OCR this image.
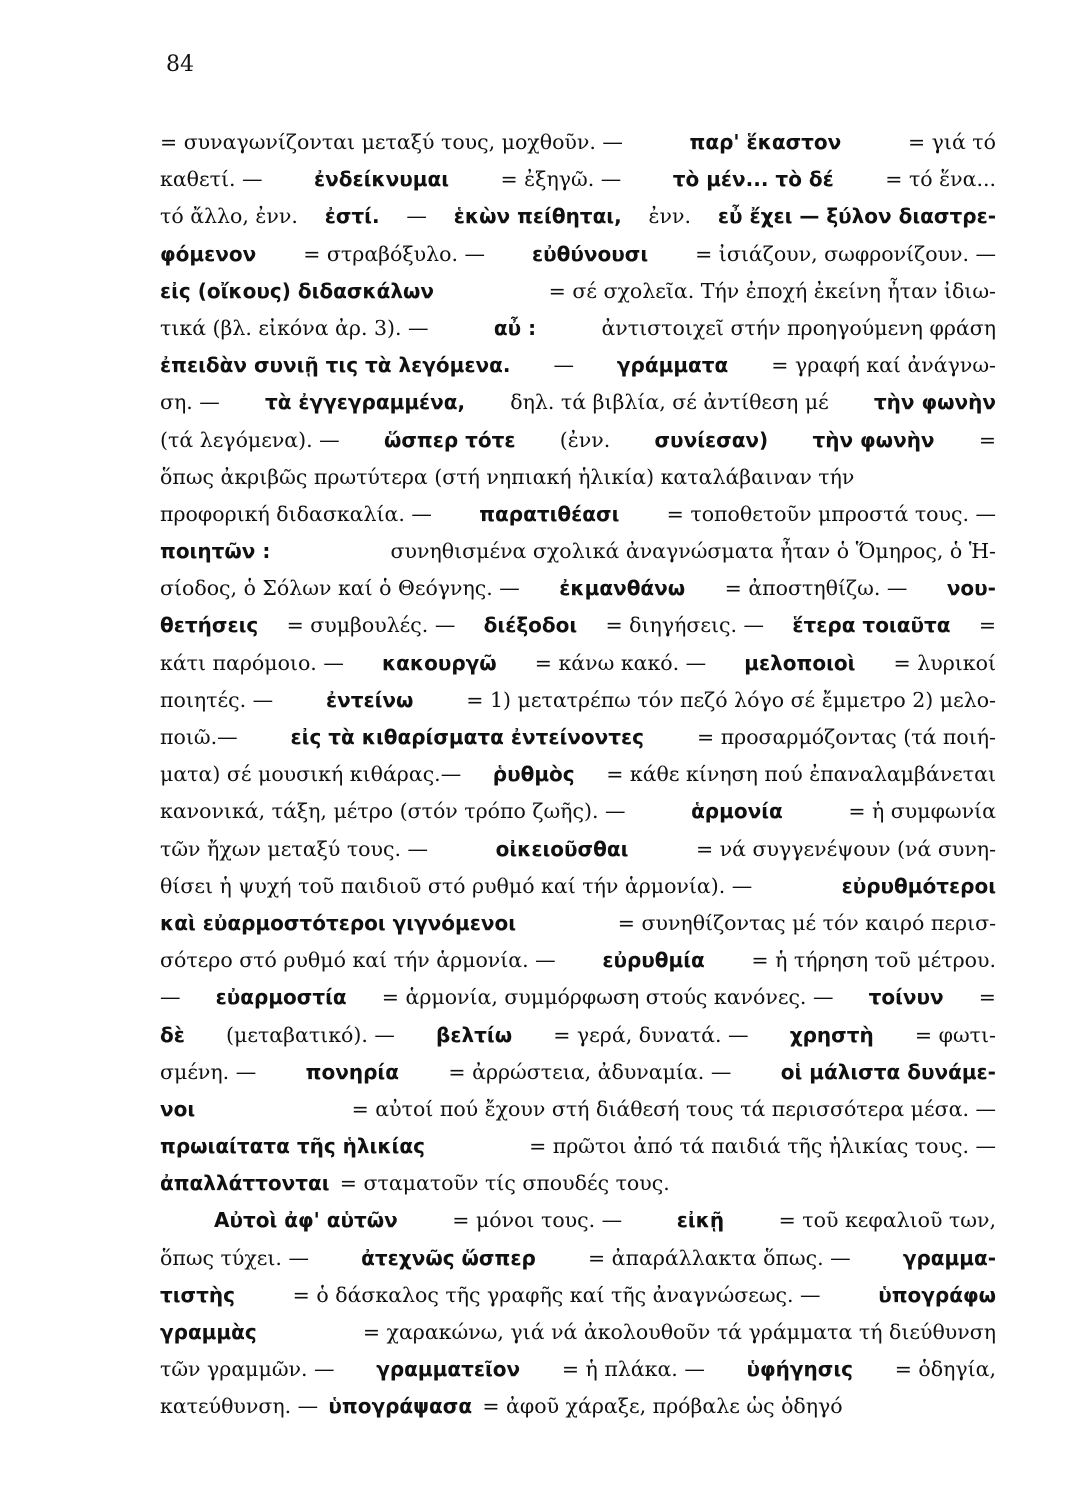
84
= συναγωνίζονται μεταξύ τους, μοχθοῦν. —	παρ' ἕκαστον	= γιά τό
καθετί. —	ἐνδείκνυμαι	= ἐξηγῶ. —	τὸ μέν... τὸ δέ	= τό ἕνα...
τό ἄλλο, ἐνν. ἐστί. — ἑκὼν πείθηται, ἐνν. εὖ ἔχει — ξύλον διαστρε-
φόμενον = στραβόξυλο. — εὐθύνουσι = ἰσιάζουν, σωφρονίζουν. —
εἰς (οἴκους) διδασκάλων	= σέ σχολεῖα. Τήν ἐποχή ἐκείνη ἦταν ἰδιω-
τικά (βλ. εἰκόνα ἀρ. 3). —	αὖ :	ἀντιστοιχεῖ στήν προηγούμενη φράση
ἐπειδὰν συνιῇ τις τὰ λεγόμενα. — γράμματα = γραφή καί ἀνάγνω-
ση. — τὰ ἐγγεγραμμένα, δηλ. τά βιβλία, σέ ἀντίθεση μέ τὴν φωνὴν
(τά λεγόμενα). — ὥσπερ τότε (ἐνν. συνίεσαν) τὴν φωνὴν =
ὅπως ἀκριβῶς πρωτύτερα (στή νηπιακή ἡλικία) καταλάβαιναν τήν
προφορική διδασκαλία. — παρατιθέασι = τοποθετοῦν μπροστά τους. —
ποιητῶν :	συνηθισμένα σχολικά ἀναγνώσματα ἦταν ὁ Ὅμηρος, ὁ Ἡ-
σίοδος, ὁ Σόλων καί ὁ Θεόγνης. — ἐκμανθάνω = ἀποστηθίζω. — νου-
θετήσεις = συμβουλές. — διέξοδοι = διηγήσεις. — ἕτερα τοιαῦτα =
κάτι παρόμοιο. — κακουργῶ = κάνω κακό. — μελοποιοὶ = λυρικοί
ποιητές. —	ἐντείνω	= 1) μετατρέπω τόν πεζό λόγο σέ ἔμμετρο 2) μελο-
ποιῶ.—	εἰς τὰ κιθαρίσματα ἐντείνοντες	= προσαρμόζοντας (τά ποιή-
ματα) σέ μουσική κιθάρας.— ῥυθμὸς = κάθε κίνηση πού ἐπαναλαμβάνεται
κανονικά, τάξη, μέτρο (στόν τρόπο ζωῆς). —	ἁρμονία	= ἡ συμφωνία
τῶν ἤχων μεταξύ τους. —	οἰκειοῦσθαι	= νά συγγενέψουν (νά συνη-
θίσει ἡ ψυχή τοῦ παιδιοῦ στό ρυθμό καί τήν ἁρμονία). —	εὐρυθμότεροι
καὶ εὐαρμοστότεροι γιγνόμενοι	= συνηθίζοντας μέ τόν καιρό περισ-
σότερο στό ρυθμό καί τήν ἁρμονία. — εὐρυθμία = ἡ τήρηση τοῦ μέτρου.
— εὐαρμοστία = ἁρμονία, συμμόρφωση στούς κανόνες. — τοίνυν =
δὲ (μεταβατικό). — βελτίω = γερά, δυνατά. — χρηστὴ = φωτι-
σμένη. — πονηρία = ἀρρώστεια, ἀδυναμία. — οἱ μάλιστα δυνάμε-
νοι	= αὐτοί πού ἔχουν στή διάθεσή τους τά περισσότερα μέσα. —
πρωιαίτατα τῆς ἡλικίας	= πρῶτοι ἀπό τά παιδιά τῆς ἡλικίας τους. —
ἀπαλλάττονται = σταματοῦν τίς σπουδές τους.
Αὐτοὶ ἀφ' αὑτῶν	= μόνοι τους. —	εἰκῇ	= τοῦ κεφαλιοῦ των,
ὅπως τύχει. —	ἀτεχνῶς ὥσπερ	= ἀπαράλλακτα ὅπως. —	γραμμα-
τιστὴς	= ὁ δάσκαλος τῆς γραφῆς καί τῆς ἀναγνώσεως. —	ὑπογράφω
γραμμὰς	= χαρακώνω, γιά νά ἀκολουθοῦν τά γράμματα τή διεύθυνση
τῶν γραμμῶν. — γραμματεῖον = ἡ πλάκα. — ὑφήγησις = ὁδηγία,
κατεύθυνση. — ὑπογράψασα = ἀφοῦ χάραξε, πρόβαλε ὡς ὁδηγό
